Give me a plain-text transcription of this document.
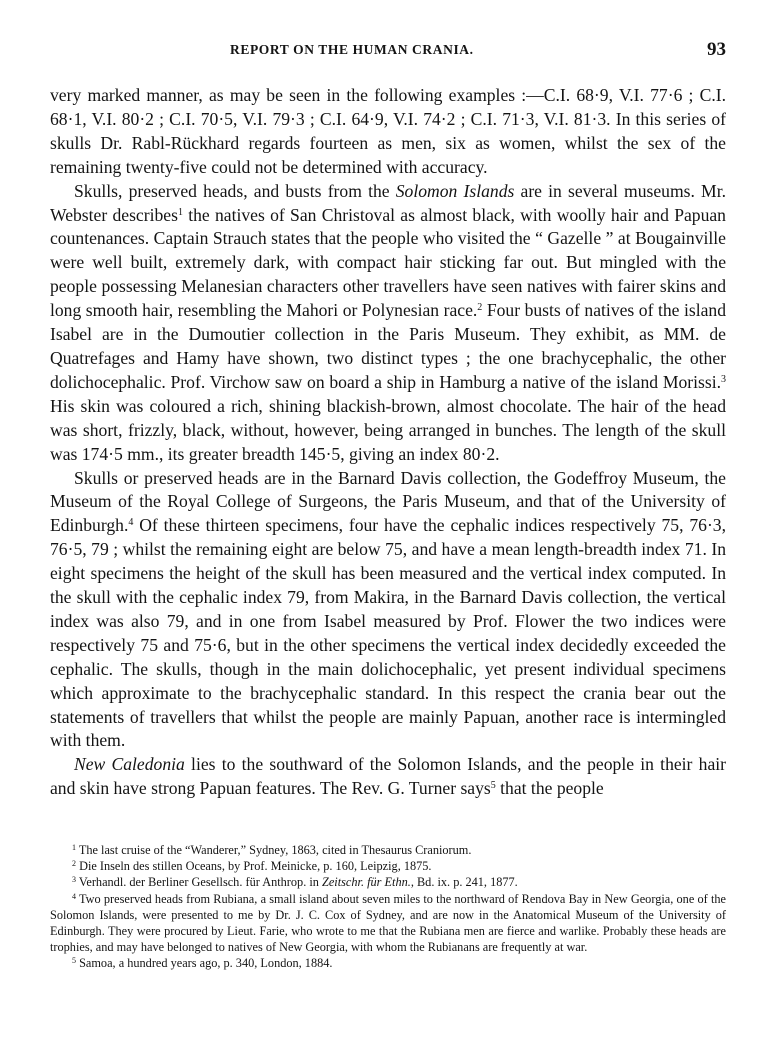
REPORT ON THE HUMAN CRANIA.	93

very marked manner, as may be seen in the following examples :—C.I. 68·9, V.I. 77·6 ; C.I. 68·1, V.I. 80·2 ; C.I. 70·5, V.I. 79·3 ; C.I. 64·9, V.I. 74·2 ; C.I. 71·3, V.I. 81·3. In this series of skulls Dr. Rabl-Rückhard regards fourteen as men, six as women, whilst the sex of the remaining twenty-five could not be determined with accuracy.

Skulls, preserved heads, and busts from the Solomon Islands are in several museums. Mr. Webster describes$^1$ the natives of San Christoval as almost black, with woolly hair and Papuan countenances. Captain Strauch states that the people who visited the “ Gazelle ” at Bougainville were well built, extremely dark, with compact hair sticking far out. But mingled with the people possessing Melanesian characters other travellers have seen natives with fairer skins and long smooth hair, resembling the Mahori or Polynesian race.$^2$ Four busts of natives of the island Isabel are in the Dumoutier collection in the Paris Museum. They exhibit, as MM. de Quatrefages and Hamy have shown, two distinct types ; the one brachycephalic, the other dolichocephalic. Prof. Virchow saw on board a ship in Hamburg a native of the island Morissi.$^3$ His skin was coloured a rich, shining blackish-brown, almost chocolate. The hair of the head was short, frizzly, black, without, however, being arranged in bunches. The length of the skull was 174·5 mm., its greater breadth 145·5, giving an index 80·2.

Skulls or preserved heads are in the Barnard Davis collection, the Godeffroy Museum, the Museum of the Royal College of Surgeons, the Paris Museum, and that of the University of Edinburgh.$^4$ Of these thirteen specimens, four have the cephalic indices respectively 75, 76·3, 76·5, 79 ; whilst the remaining eight are below 75, and have a mean length-breadth index 71. In eight specimens the height of the skull has been measured and the vertical index computed. In the skull with the cephalic index 79, from Makira, in the Barnard Davis collection, the vertical index was also 79, and in one from Isabel measured by Prof. Flower the two indices were respectively 75 and 75·6, but in the other specimens the vertical index decidedly exceeded the cephalic. The skulls, though in the main dolichocephalic, yet present individual specimens which approximate to the brachycephalic standard. In this respect the crania bear out the statements of travellers that whilst the people are mainly Papuan, another race is intermingled with them.

New Caledonia lies to the southward of the Solomon Islands, and the people in their hair and skin have strong Papuan features. The Rev. G. Turner says$^5$ that the people

$^1$ The last cruise of the “Wanderer,” Sydney, 1863, cited in Thesaurus Craniorum.

$^2$ Die Inseln des stillen Oceans, by Prof. Meinicke, p. 160, Leipzig, 1875.

$^3$ Verhandl. der Berliner Gesellsch. für Anthrop. in Zeitschr. für Ethn., Bd. ix. p. 241, 1877.

$^4$ Two preserved heads from Rubiana, a small island about seven miles to the northward of Rendova Bay in New Georgia, one of the Solomon Islands, were presented to me by Dr. J. C. Cox of Sydney, and are now in the Anatomical Museum of the University of Edinburgh. They were procured by Lieut. Farie, who wrote to me that the Rubiana men are fierce and warlike. Probably these heads are trophies, and may have belonged to natives of New Georgia, with whom the Rubianans are frequently at war.

$^5$ Samoa, a hundred years ago, p. 340, London, 1884.
